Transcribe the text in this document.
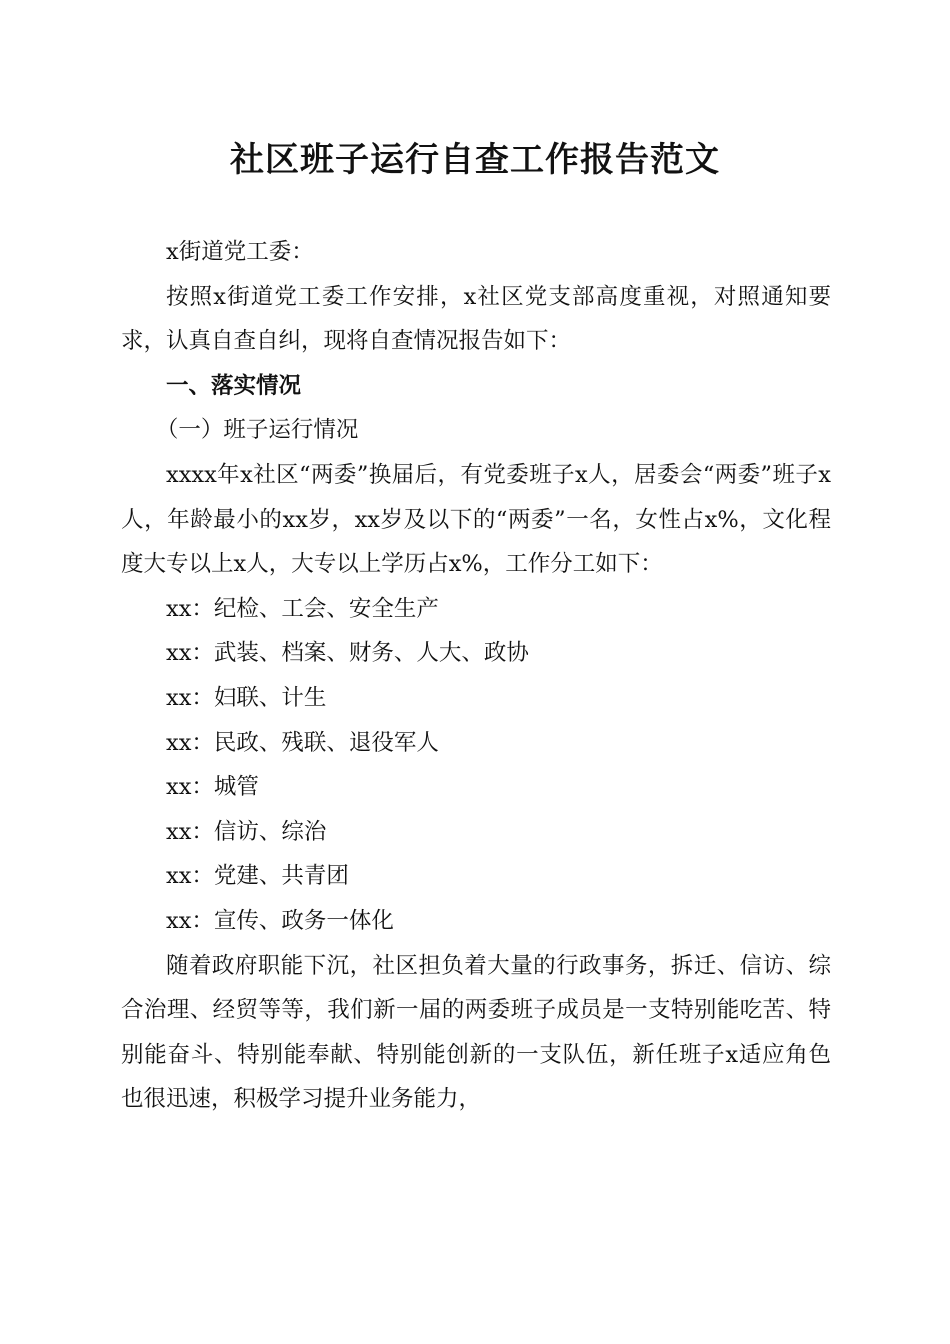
社区班子运行自查工作报告范文

x街道党工委：

按照x街道党工委工作安排，x社区党支部高度重视，对照通知要求，认真自查自纠，现将自查情况报告如下：

一、落实情况

（一）班子运行情况

xxxx年x社区“两委”换届后，有党委班子x人，居委会“两委”班子x人，年龄最小的xx岁，xx岁及以下的“两委”一名，女性占x%，文化程度大专以上x人，大专以上学历占x%，工作分工如下：

xx：纪检、工会、安全生产

xx：武装、档案、财务、人大、政协

xx：妇联、计生

xx：民政、残联、退役军人

xx：城管

xx：信访、综治

xx：党建、共青团

xx：宣传、政务一体化

随着政府职能下沉，社区担负着大量的行政事务，拆迁、信访、综合治理、经贸等等，我们新一届的两委班子成员是一支特别能吃苦、特别能奋斗、特别能奉献、特别能创新的一支队伍，新任班子x适应角色也很迅速，积极学习提升业务能力，
